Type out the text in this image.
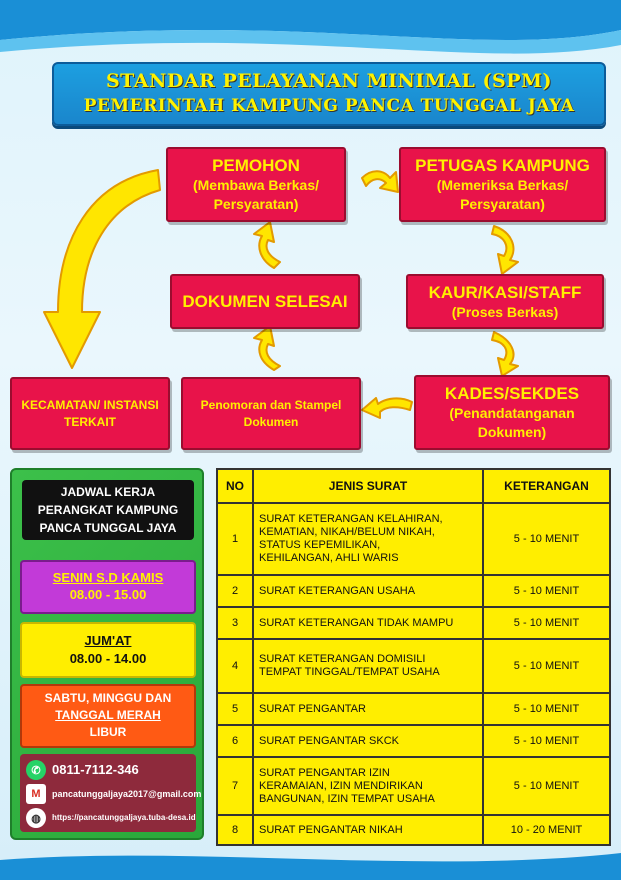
STANDAR PELAYANAN MINIMAL (SPM)
PEMERINTAH KAMPUNG PANCA TUNGGAL JAYA
PEMOHON
(Membawa Berkas/
Persyaratan)
PETUGAS KAMPUNG
(Memeriksa Berkas/
Persyaratan)
DOKUMEN SELESAI	KAUR/KASI/STAFF
(Proses Berkas)
KECAMATAN/ INSTANSI
TERKAIT
Penomoran dan Stampel
Dokumen
KADES/SEKDES
(Penandatanganan
Dokumen)
JADWAL KERJA
PERANGKAT KAMPUNG
PANCA TUNGGAL JAYA
SENIN S.D KAMIS
08.00 - 15.00
JUM'AT
08.00 - 14.00
SABTU, MINGGU DAN
TANGGAL MERAH
LIBUR
✆ 0811-7112-346
M	pancatunggaljaya2017@gmail.com
◍	https://pancatunggaljaya.tuba-desa.id
NO	JENIS SURAT	KETERANGAN
1	SURAT KETERANGAN KELAHIRAN,
KEMATIAN, NIKAH/BELUM NIKAH,
STATUS KEPEMILIKAN,
KEHILANGAN, AHLI WARIS	5 - 10 MENIT
2	SURAT KETERANGAN USAHA	5 - 10 MENIT
3	SURAT KETERANGAN TIDAK MAMPU	5 - 10 MENIT
4	SURAT KETERANGAN DOMISILI
TEMPAT TINGGAL/TEMPAT USAHA	5 - 10 MENIT
5	SURAT PENGANTAR	5 - 10 MENIT
6	SURAT PENGANTAR SKCK	5 - 10 MENIT
7	SURAT PENGANTAR IZIN
KERAMAIAN, IZIN MENDIRIKAN
BANGUNAN, IZIN TEMPAT USAHA	5 - 10 MENIT
8	SURAT PENGANTAR NIKAH	10 - 20 MENIT
